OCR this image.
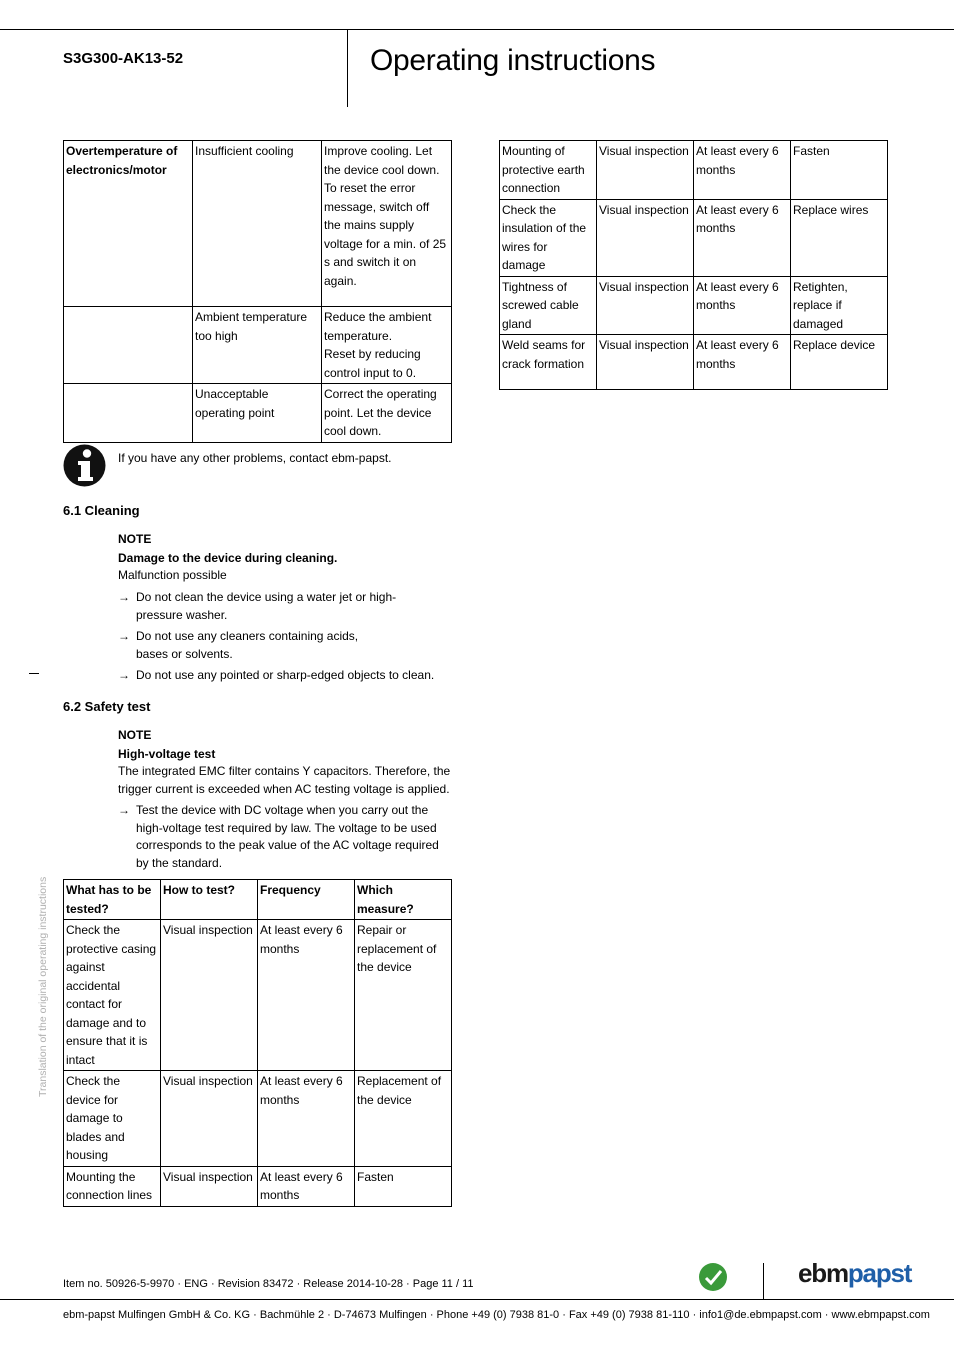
S3G300-AK13-52	Operating instructions
Overtemperature of electronics/motor	Insufficient cooling	Improve cooling. Let the device cool down.
To reset the error message, switch off the mains supply voltage for a min. of 25 s and switch it on again.
	Ambient temperature too high	Reduce the ambient temperature.
Reset by reducing control input to 0.
	Unacceptable operating point	Correct the operating point. Let the device cool down.
Mounting of protective earth connection	Visual inspection	At least every 6 months	Fasten
Check the insulation of the wires for damage	Visual inspection	At least every 6 months	Replace wires
Tightness of screwed cable gland	Visual inspection	At least every 6 months	Retighten, replace if damaged
Weld seams for crack formation	Visual inspection	At least every 6 months	Replace device
If you have any other problems, contact ebm-papst.
6.1 Cleaning
NOTE
Damage to the device during cleaning.
Malfunction possible
→ Do not clean the device using a water jet or high-pressure washer.
→ Do not use any cleaners containing acids,
bases or solvents.
→ Do not use any pointed or sharp-edged objects to clean.
6.2 Safety test
NOTE
High-voltage test
The integrated EMC filter contains Y capacitors. Therefore, the trigger current is exceeded when AC testing voltage is applied.
→ Test the device with DC voltage when you carry out the high-voltage test required by law. The voltage to be used corresponds to the peak value of the AC voltage required by the standard.
What has to be tested?	How to test?	Frequency	Which measure?
Check the protective casing against accidental contact for damage and to ensure that it is intact	Visual inspection	At least every 6 months	Repair or replacement of the device
Check the device for damage to blades and housing	Visual inspection	At least every 6 months	Replacement of the device
Mounting the connection lines	Visual inspection	At least every 6 months	Fasten
Translation of the original operating instructions
Item no. 50926-5-9970 · ENG · Revision 83472 · Release 2014-10-28 · Page 11 / 11	ebmpapst
ebm-papst Mulfingen GmbH & Co. KG · Bachmühle 2 · D-74673 Mulfingen · Phone +49 (0) 7938 81-0 · Fax +49 (0) 7938 81-110 · info1@de.ebmpapst.com · www.ebmpapst.com
